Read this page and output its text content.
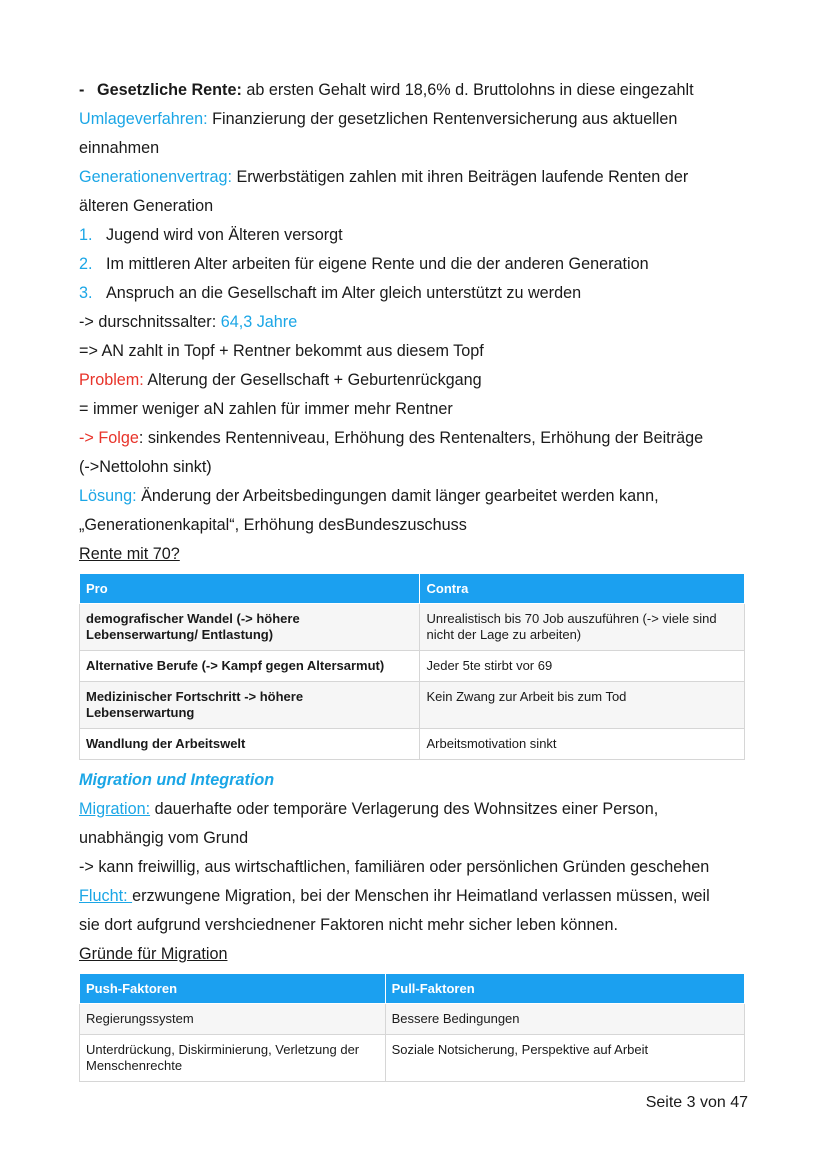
- Gesetzliche Rente: ab ersten Gehalt wird 18,6% d. Bruttolohns in diese eingezahlt
Umlageverfahren: Finanzierung der gesetzlichen Rentenversicherung aus aktuellen
einnahmen
Generationenvertrag: Erwerbstätigen zahlen mit ihren Beiträgen laufende Renten der
älteren Generation
1. Jugend wird von Älteren versorgt
2. Im mittleren Alter arbeiten für eigene Rente und die der anderen Generation
3. Anspruch an die Gesellschaft im Alter gleich unterstützt zu werden
-> durschnitssalter: 64,3 Jahre
=> AN zahlt in Topf + Rentner bekommt aus diesem Topf
Problem: Alterung der Gesellschaft + Geburtenrückgang
= immer weniger aN zahlen für immer mehr Rentner
-> Folge: sinkendes Rentenniveau, Erhöhung des Rentenalters, Erhöhung der Beiträge
(->Nettolohn sinkt)
Lösung: Änderung der Arbeitsbedingungen damit länger gearbeitet werden kann,
„Generationenkapital“, Erhöhung desBundeszuschuss
Rente mit 70?
Pro	Contra
demografischer Wandel (-> höhere Lebenserwartung/ Entlastung)	Unrealistisch bis 70 Job auszuführen (-> viele sind nicht der Lage zu arbeiten)
Alternative Berufe (-> Kampf gegen Altersarmut)	Jeder 5te stirbt vor 69
Medizinischer Fortschritt -> höhere Lebenserwartung	Kein Zwang zur Arbeit bis zum Tod
Wandlung der Arbeitswelt	Arbeitsmotivation sinkt
Migration und Integration
Migration: dauerhafte oder temporäre Verlagerung des Wohnsitzes einer Person,
unabhängig vom Grund
-> kann freiwillig, aus wirtschaftlichen, familiären oder persönlichen Gründen geschehen
Flucht: erzwungene Migration, bei der Menschen ihr Heimatland verlassen müssen, weil
sie dort aufgrund vershciednener Faktoren nicht mehr sicher leben können.
Gründe für Migration
Push-Faktoren	Pull-Faktoren
Regierungssystem	Bessere Bedingungen
Unterdrückung, Diskirminierung, Verletzung der Menschenrechte	Soziale Notsicherung, Perspektive auf Arbeit
Seite 3 von 47
